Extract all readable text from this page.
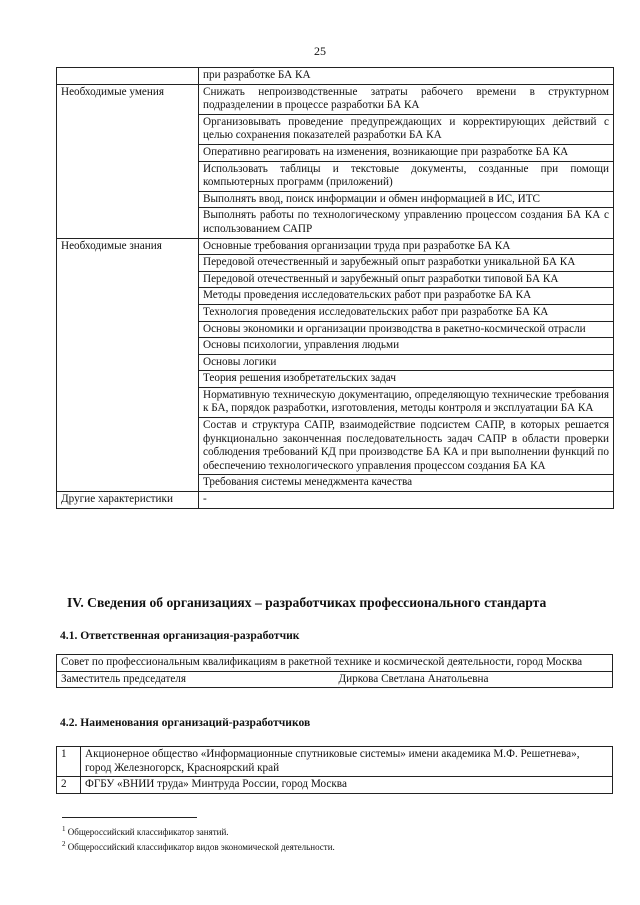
25
	при разработке БА КА
Необходимые умения	Снижать непроизводственные затраты рабочего времени в структурном подразделении в процессе разработки БА КА
	Организовывать проведение предупреждающих и корректирующих действий с целью сохранения показателей разработки БА КА
	Оперативно реагировать на изменения, возникающие при разработке БА КА
	Использовать таблицы и текстовые документы, созданные при помощи компьютерных программ (приложений)
	Выполнять ввод, поиск информации и обмен информацией в ИС, ИТС
	Выполнять работы по технологическому управлению процессом создания БА КА с использованием САПР
Необходимые знания	Основные требования организации труда при разработке БА КА
	Передовой отечественный и зарубежный опыт разработки уникальной БА КА
	Передовой отечественный и зарубежный опыт разработки типовой БА КА
	Методы проведения исследовательских работ при разработке БА КА
	Технология проведения исследовательских работ при разработке БА КА
	Основы экономики и организации производства в ракетно-космической отрасли
	Основы психологии, управления людьми
	Основы логики
	Теория решения изобретательских задач
	Нормативную техническую документацию, определяющую технические требования к БА, порядок разработки, изготовления, методы контроля и эксплуатации БА КА
	Состав и структура САПР, взаимодействие подсистем САПР, в которых решается функционально законченная последовательность задач САПР в области проверки соблюдения требований КД при производстве БА КА и при выполнении функций по обеспечению технологического управления процессом создания БА КА
	Требования системы менеджмента качества
Другие характеристики	-
IV. Сведения об организациях – разработчиках профессионального стандарта
4.1. Ответственная организация-разработчик
Совет по профессиональным квалификациям в ракетной технике и космической деятельности, город Москва
Заместитель председателя	Диркова Светлана Анатольевна
4.2. Наименования организаций-разработчиков
1	Акционерное общество «Информационные спутниковые системы» имени академика М.Ф. Решетнева», город Железногорск, Красноярский край
2	ФГБУ «ВНИИ труда» Минтруда России, город Москва
$^1$ Общероссийский классификатор занятий.
$^2$ Общероссийский классификатор видов экономической деятельности.
